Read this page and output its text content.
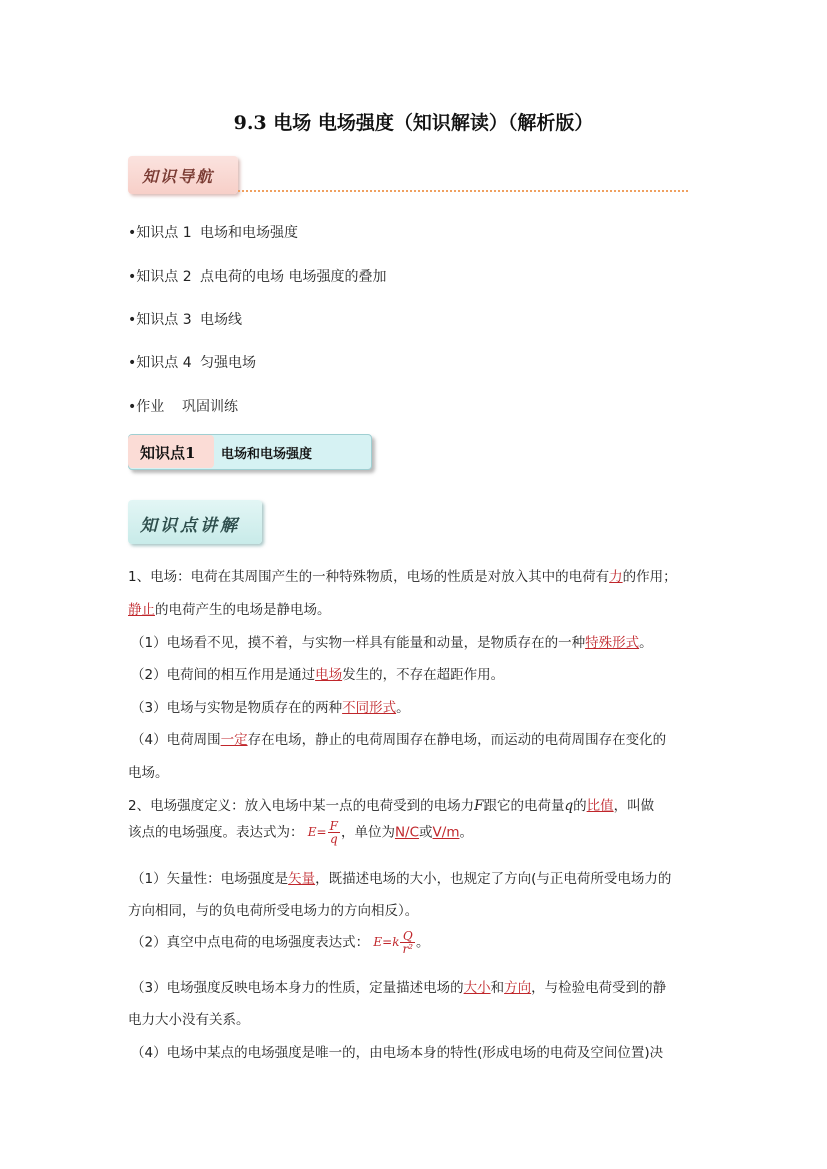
9.3 电场 电场强度（知识解读）（解析版）
知识导航
•知识点 1 电场和电场强度
•知识点 2 点电荷的电场 电场强度的叠加
•知识点 3 电场线
•知识点 4 匀强电场
•作业 巩固训练
知识点1 电场和电场强度
知识点讲解
1、电场：电荷在其周围产生的一种特殊物质，电场的性质是对放入其中的电荷有力的作用；
静止的电荷产生的电场是静电场。
（1）电场看不见，摸不着，与实物一样具有能量和动量，是物质存在的一种特殊形式。
（2）电荷间的相互作用是通过电场发生的，不存在超距作用。
（3）电场与实物是物质存在的两种不同形式。
（4）电荷周围一定存在电场，静止的电荷周围存在静电场，而运动的电荷周围存在变化的
电场。
2、电场强度定义：放入电场中某一点的电荷受到的电场力F跟它的电荷量q的比值，叫做
该点的电场强度。表达式为： $E= \frac{F}{q}$ ，单位为N/C或V/m。
（1）矢量性：电场强度是矢量，既描述电场的大小，也规定了方向(与正电荷所受电场力的
方向相同，与的负电荷所受电场力的方向相反）。
（2）真空中点电荷的电场强度表达式： $E=k \frac{Q}{\text{r²}}$ 。
（3）电场强度反映电场本身力的性质，定量描述电场的大小和方向，与检验电荷受到的静
电力大小没有关系。
（4）电场中某点的电场强度是唯一的，由电场本身的特性(形成电场的电荷及空间位置)决
